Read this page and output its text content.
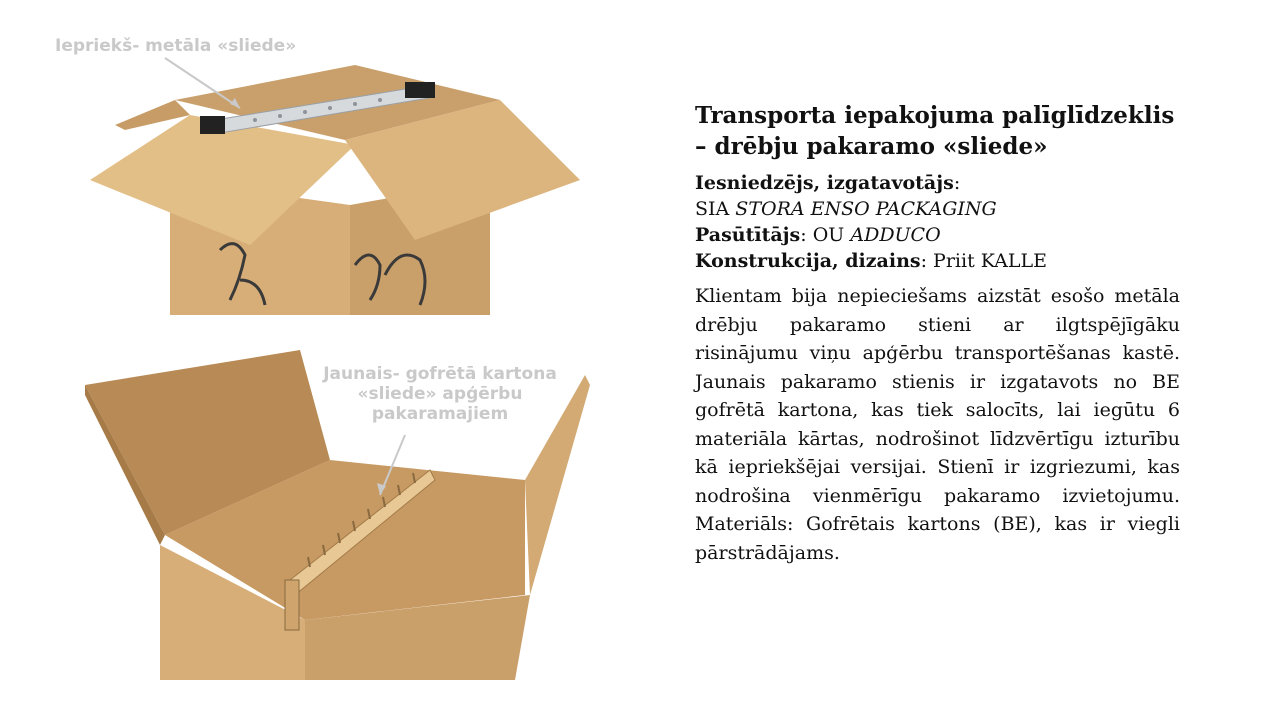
Iepriekš- metāla «sliede»
Jaunais- gofrētā kartona «sliede» apģērbu pakaramajiem
Transporta iepakojuma palīglīdzeklis – drēbju pakaramo «sliede»
Iesniedzējs, izgatavotājs:
SIA STORA ENSO PACKAGING
Pasūtītājs: OU ADDUCO
Konstrukcija, dizains: Priit KALLE

Klientam bija nepieciešams aizstāt esošo metāla drēbju pakaramo stieni ar ilgtspējīgāku risinājumu viņu apģērbu transportēšanas kastē. Jaunais pakaramo stienis ir izgatavots no BE gofrētā kartona, kas tiek salocīts, lai iegūtu 6 materiāla kārtas, nodrošinot līdzvērtīgu izturību kā iepriekšējai versijai. Stienī ir izgriezumi, kas nodrošina vienmērīgu pakaramo izvietojumu. Materiāls: Gofrētais kartons (BE), kas ir viegli pārstrādājams.
